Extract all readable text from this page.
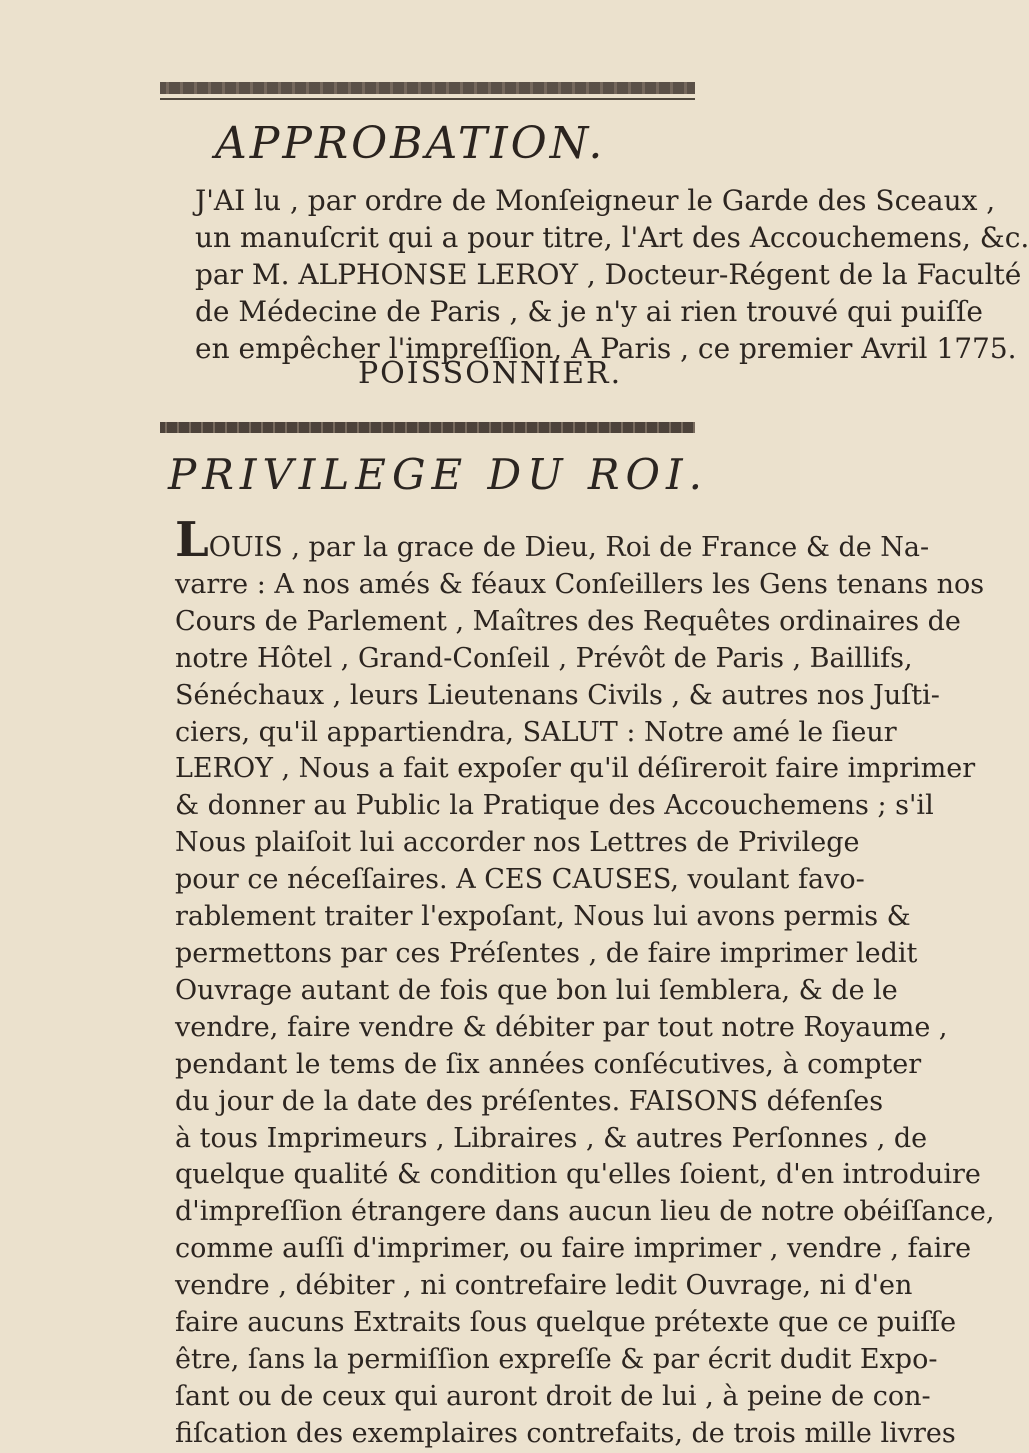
APPROBATION.
J'AI lu , par ordre de Monſeigneur le Garde des Sceaux ,
un manuſcrit qui a pour titre, l'Art des Accouchemens, &c.
par M. ALPHONSE LEROY , Docteur-Régent de la Faculté
de Médecine de Paris , & je n'y ai rien trouvé qui puiſſe
en empêcher l'impreſſion, A Paris , ce premier Avril 1775.
POISSONNIER.
PRIVILEGE DU ROI.
LOUIS , par la grace de Dieu, Roi de France & de Na-
varre : A nos amés & féaux Conſeillers les Gens tenans nos
Cours de Parlement , Maîtres des Requêtes ordinaires de
notre Hôtel , Grand-Conſeil , Prévôt de Paris , Baillifs,
Sénéchaux , leurs Lieutenans Civils , & autres nos Juſti-
ciers, qu'il appartiendra, SALUT : Notre amé le ſieur
LEROY , Nous a fait expoſer qu'il déſireroit faire imprimer
& donner au Public la Pratique des Accouchemens ; s'il
Nous plaiſoit lui accorder nos Lettres de Privilege
pour ce néceſſaires. A CES CAUSES, voulant favo-
rablement traiter l'expoſant, Nous lui avons permis &
permettons par ces Préſentes , de faire imprimer ledit
Ouvrage autant de fois que bon lui ſemblera, & de le
vendre, faire vendre & débiter par tout notre Royaume ,
pendant le tems de ſix années conſécutives, à compter
du jour de la date des préſentes. FAISONS défenſes
à tous Imprimeurs , Libraires , & autres Perſonnes , de
quelque qualité & condition qu'elles ſoient, d'en introduire
d'impreſſion étrangere dans aucun lieu de notre obéiſſance,
comme auſſi d'imprimer, ou faire imprimer , vendre , faire
vendre , débiter , ni contrefaire ledit Ouvrage, ni d'en
faire aucuns Extraits ſous quelque prétexte que ce puiſſe
être, ſans la permiſſion expreſſe & par écrit dudit Expo-
ſant ou de ceux qui auront droit de lui , à peine de con-
fiſcation des exemplaires contrefaits, de trois mille livres
